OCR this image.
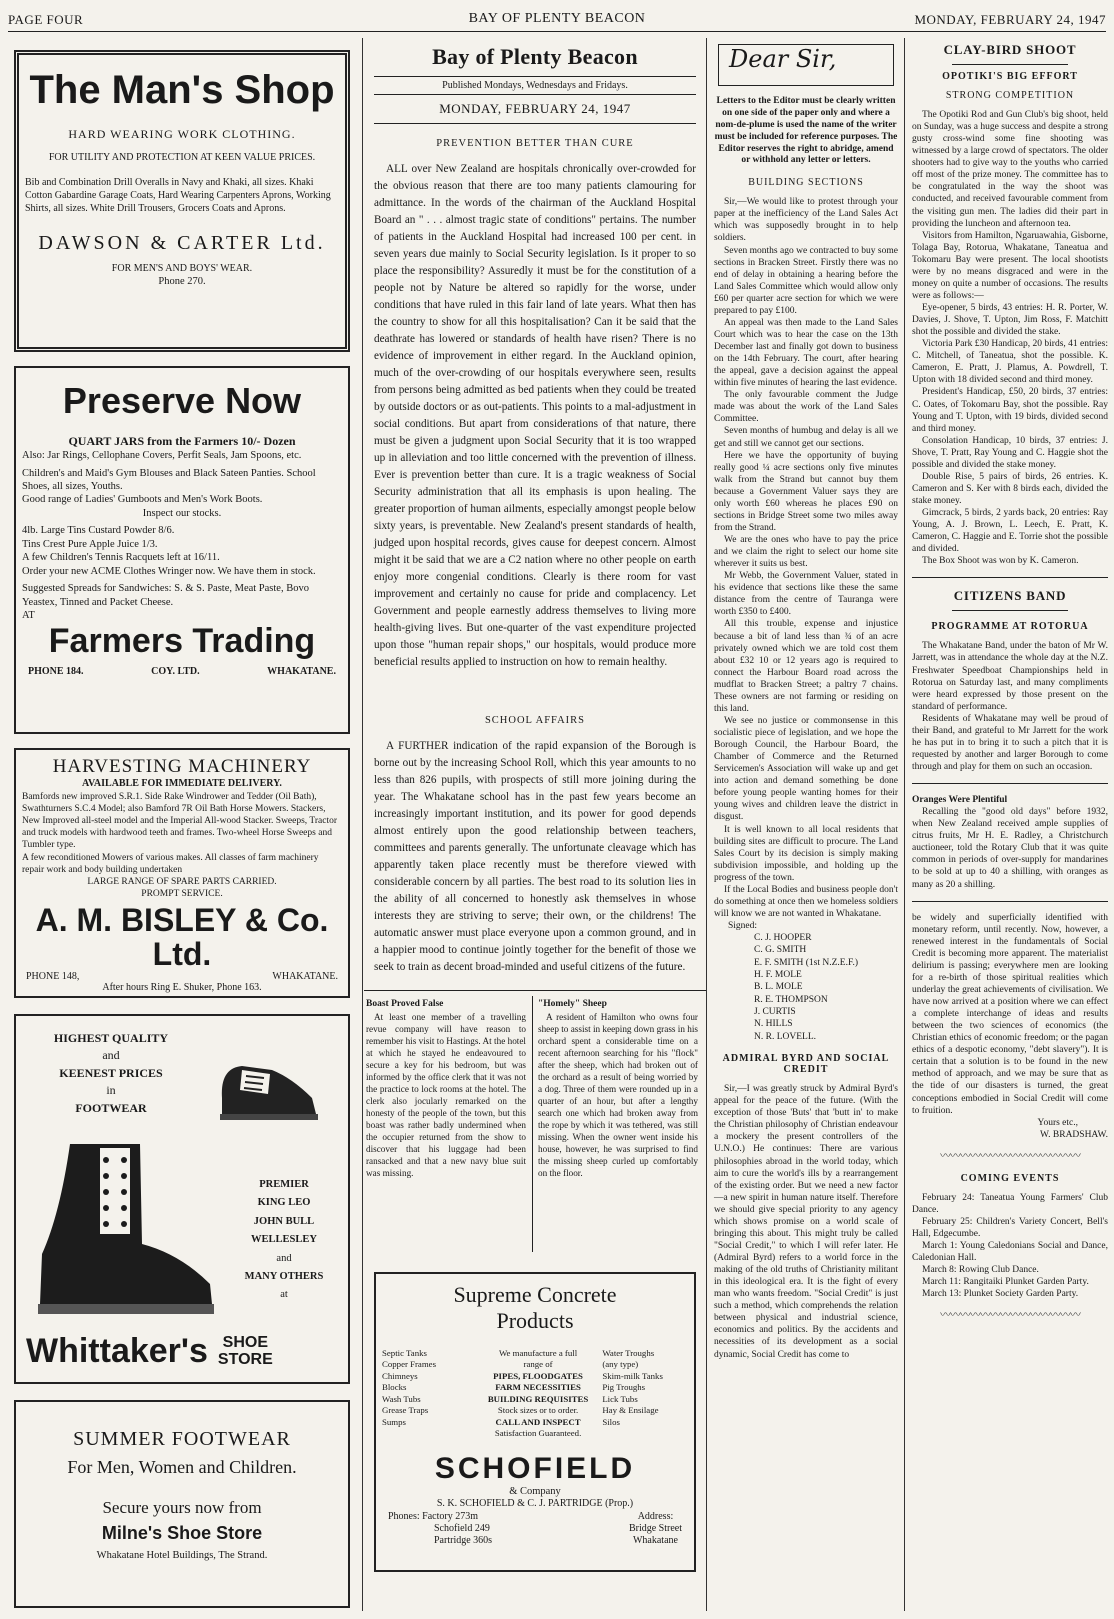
PAGE FOUR	BAY OF PLENTY BEACON	MONDAY, FEBRUARY 24, 1947
The Man's Shop

HARD WEARING WORK CLOTHING.

FOR UTILITY AND PROTECTION AT KEEN VALUE PRICES.

Bib and Combination Drill Overalls in Navy and Khaki, all sizes. Khaki Cotton Gabardine Garage Coats, Hard Wearing Carpenters Aprons, Working Shirts, all sizes. White Drill Trousers, Grocers Coats and Aprons.

DAWSON & CARTER Ltd.

FOR MEN'S AND BOYS' WEAR.

Phone 270.

Preserve Now

QUART JARS from the Farmers 10/- Dozen

Also: Jar Rings, Cellophane Covers, Perfit Seals, Jam Spoons, etc.

Children's and Maid's Gym Blouses and Black Sateen Panties. School Shoes, all sizes, Youths.

Good range of Ladies' Gumboots and Men's Work Boots.

Inspect our stocks.

4lb. Large Tins Custard Powder 8/6.

Tins Crest Pure Apple Juice 1/3.

A few Children's Tennis Racquets left at 16/11.

Order your new ACME Clothes Wringer now. We have them in stock.

Suggested Spreads for Sandwiches: S. & S. Paste, Meat Paste, Bovo Yeastex, Tinned and Packet Cheese.

AT

Farmers Trading
PHONE 184.	COY. LTD.	WHAKATANE.
HARVESTING MACHINERY

AVAILABLE FOR IMMEDIATE DELIVERY.

Bamfords new improved S.R.1. Side Rake Windrower and Tedder (Oil Bath), Swathturners S.C.4 Model; also Bamford 7R Oil Bath Horse Mowers. Stackers, New Improved all-steel model and the Imperial All-wood Stacker. Sweeps, Tractor and truck models with hardwood teeth and frames. Two-wheel Horse Sweeps and Tumbler type.

A few reconditioned Mowers of various makes. All classes of farm machinery repair work and body building undertaken

LARGE RANGE OF SPARE PARTS CARRIED.

PROMPT SERVICE.

A. M. BISLEY & Co. Ltd.
PHONE 148,	WHAKATANE.

After hours Ring E. Shuker, Phone 163.

HIGHEST QUALITY
and
KEENEST PRICES
in
FOOTWEAR
PREMIER
KING LEO
JOHN BULL
WELLESLEY
and
MANY OTHERS
at
Whittaker's SHOE
STORE
SUMMER FOOTWEAR
For Men, Women and Children.
Secure yours now from
Milne's Shoe Store

Whakatane Hotel Buildings, The Strand.

Bay of Plenty Beacon
Published Mondays, Wednesdays and Fridays.
MONDAY, FEBRUARY 24, 1947
PREVENTION BETTER THAN CURE

ALL over New Zealand are hospitals chronically over-crowded for the obvious reason that there are too many patients clamouring for admittance. In the words of the chairman of the Auckland Hospital Board an " . . . almost tragic state of conditions" pertains. The number of patients in the Auckland Hospital had increased 100 per cent. in seven years due mainly to Social Security legislation. Is it proper to so place the responsibility? Assuredly it must be for the constitution of a people not by Nature be altered so rapidly for the worse, under conditions that have ruled in this fair land of late years. What then has the country to show for all this hospitalisation? Can it be said that the deathrate has lowered or standards of health have risen? There is no evidence of improvement in either regard. In the Auckland opinion, much of the over-crowding of our hospitals everywhere seen, results from persons being admitted as bed patients when they could be treated by outside doctors or as out-patients. This points to a mal-adjustment in social conditions. But apart from considerations of that nature, there must be given a judgment upon Social Security that it is too wrapped up in alleviation and too little concerned with the prevention of illness. Ever is prevention better than cure. It is a tragic weakness of Social Security administration that all its emphasis is upon healing. The greater proportion of human ailments, especially amongst people below sixty years, is preventable. New Zealand's present standards of health, judged upon hospital records, gives cause for deepest concern. Almost might it be said that we are a C2 nation where no other people on earth enjoy more congenial conditions. Clearly is there room for vast improvement and certainly no cause for pride and complacency. Let Government and people earnestly address themselves to living more health-giving lives. But one-quarter of the vast expenditure projected upon those "human repair shops," our hospitals, would produce more beneficial results applied to instruction on how to remain healthy.

SCHOOL AFFAIRS

A FURTHER indication of the rapid expansion of the Borough is borne out by the increasing School Roll, which this year amounts to no less than 826 pupils, with prospects of still more joining during the year. The Whakatane school has in the past few years become an increasingly important institution, and its power for good depends almost entirely upon the good relationship between teachers, committees and parents generally. The unfortunate cleavage which has apparently taken place recently must be therefore viewed with considerable concern by all parties. The best road to its solution lies in the ability of all concerned to honestly ask themselves in whose interests they are striving to serve; their own, or the childrens! The automatic answer must place everyone upon a common ground, and in a happier mood to continue jointly together for the benefit of those we seek to train as decent broad-minded and useful citizens of the future.

Boast Proved False

At least one member of a travelling revue company will have reason to remember his visit to Hastings. At the hotel at which he stayed he endeavoured to secure a key for his bedroom, but was informed by the office clerk that it was not the practice to lock rooms at the hotel. The clerk also jocularly remarked on the honesty of the people of the town, but this boast was rather badly undermined when the occupier returned from the show to discover that his luggage had been ransacked and that a new navy blue suit was missing.

"Homely" Sheep

A resident of Hamilton who owns four sheep to assist in keeping down grass in his orchard spent a considerable time on a recent afternoon searching for his "flock" after the sheep, which had broken out of the orchard as a result of being worried by a dog. Three of them were rounded up in a quarter of an hour, but after a lengthy search one which had broken away from the rope by which it was tethered, was still missing. When the owner went inside his house, however, he was surprised to find the missing sheep curled up comfortably on the floor.

Supreme Concrete
Products
Septic Tanks
Copper Frames
Chimneys
Blocks
Wash Tubs
Grease Traps
Sumps
We manufacture a full
range of
PIPES, FLOODGATES
FARM NECESSITIES
BUILDING REQUISITES
Stock sizes or to order.
CALL AND INSPECT
Satisfaction Guaranteed.
Water Troughs
(any type)
Skim-milk Tanks
Pig Troughs
Lick Tubs
Hay & Ensilage
Silos
SCHOFIELD

& Company

S. K. SCHOFIELD & C. J. PARTRIDGE (Prop.)

Phones: Factory 273m
Schofield 249
Partridge 360s
Address:
Bridge Street
Whakatane
Dear Sir,

Letters to the Editor must be clearly written on one side of the paper only and where a nom-de-plume is used the name of the writer must be included for reference purposes. The Editor reserves the right to abridge, amend or withhold any letter or letters.

BUILDING SECTIONS

Sir,—We would like to protest through your paper at the inefficiency of the Land Sales Act which was supposedly brought in to help soldiers.

Seven months ago we contracted to buy some sections in Bracken Street. Firstly there was no end of delay in obtaining a hearing before the Land Sales Committee which would allow only £60 per quarter acre section for which we were prepared to pay £100.

An appeal was then made to the Land Sales Court which was to hear the case on the 13th December last and finally got down to business on the 14th February. The court, after hearing the appeal, gave a decision against the appeal within five minutes of hearing the last evidence.

The only favourable comment the Judge made was about the work of the Land Sales Committee.

Seven months of humbug and delay is all we get and still we cannot get our sections.

Here we have the opportunity of buying really good ¼ acre sections only five minutes walk from the Strand but cannot buy them because a Government Valuer says they are only worth £60 whereas he places £90 on sections in Bridge Street some two miles away from the Strand.

We are the ones who have to pay the price and we claim the right to select our home site wherever it suits us best.

Mr Webb, the Government Valuer, stated in his evidence that sections like these the same distance from the centre of Tauranga were worth £350 to £400.

All this trouble, expense and injustice because a bit of land less than ¾ of an acre privately owned which we are told cost them about £32 10 or 12 years ago is required to connect the Harbour Board road across the mudflat to Bracken Street; a paltry 7 chains. These owners are not farming or residing on this land.

We see no justice or commonsense in this socialistic piece of legislation, and we hope the Borough Council, the Harbour Board, the Chamber of Commerce and the Returned Servicemen's Association will wake up and get into action and demand something be done before young people wanting homes for their young wives and children leave the district in disgust.

It is well known to all local residents that building sites are difficult to procure. The Land Sales Court by its decision is simply making subdivision impossible, and holding up the progress of the town.

If the Local Bodies and business people don't do something at once then we homeless soldiers will know we are not wanted in Whakatane.

Signed:

C. J. HOOPER
C. G. SMITH
E. F. SMITH (1st N.Z.E.F.)
H. F. MOLE
B. L. MOLE
R. E. THOMPSON
J. CURTIS
N. HILLS
N. R. LOVELL.
ADMIRAL BYRD AND SOCIAL CREDIT

Sir,—I was greatly struck by Admiral Byrd's appeal for the peace of the future. (With the exception of those 'Buts' that 'butt in' to make the Christian philosophy of Christian endeavour a mockery the present controllers of the U.N.O.) He continues: There are various philosophies abroad in the world today, which aim to cure the world's ills by a rearrangement of the existing order. But we need a new factor—a new spirit in human nature itself. Therefore we should give special priority to any agency which shows promise on a world scale of bringing this about. This might truly be called "Social Credit," to which I will refer later. He (Admiral Byrd) refers to a world force in the making of the old truths of Christianity militant in this ideological era. It is the fight of every man who wants freedom. "Social Credit" is just such a method, which comprehends the relation between physical and industrial science, economics and politics. By the accidents and necessities of its development as a social dynamic, Social Credit has come to

CLAY-BIRD SHOOT
OPOTIKI'S BIG EFFORT
STRONG COMPETITION

The Opotiki Rod and Gun Club's big shoot, held on Sunday, was a huge success and despite a strong gusty cross-wind some fine shooting was witnessed by a large crowd of spectators. The older shooters had to give way to the youths who carried off most of the prize money. The committee has to be congratulated in the way the shoot was conducted, and received favourable comment from the visiting gun men. The ladies did their part in providing the luncheon and afternoon tea.

Visitors from Hamilton, Ngaruawahia, Gisborne, Tolaga Bay, Rotorua, Whakatane, Taneatua and Tokomaru Bay were present. The local shootists were by no means disgraced and were in the money on quite a number of occasions. The results were as follows:—

Eye-opener, 5 birds, 43 entries: H. R. Porter, W. Davies, J. Shove, T. Upton, Jim Ross, F. Matchitt shot the possible and divided the stake.

Victoria Park £30 Handicap, 20 birds, 41 entries: C. Mitchell, of Taneatua, shot the possible. K. Cameron, E. Pratt, J. Plamus, A. Powdrell, T. Upton with 18 divided second and third money.

President's Handicap, £50, 20 birds, 37 entries: C. Oates, of Tokomaru Bay, shot the possible. Ray Young and T. Upton, with 19 birds, divided second and third money.

Consolation Handicap, 10 birds, 37 entries: J. Shove, T. Pratt, Ray Young and C. Haggie shot the possible and divided the stake money.

Double Rise, 5 pairs of birds, 26 entries. K. Cameron and S. Ker with 8 birds each, divided the stake money.

Gimcrack, 5 birds, 2 yards back, 20 entries: Ray Young, A. J. Brown, L. Leech, E. Pratt, K. Cameron, C. Haggie and E. Torrie shot the possible and divided.

The Box Shoot was won by K. Cameron.

CITIZENS BAND
PROGRAMME AT ROTORUA

The Whakatane Band, under the baton of Mr W. Jarrett, was in attendance the whole day at the N.Z. Freshwater Speedboat Championships held in Rotorua on Saturday last, and many compliments were heard expressed by those present on the standard of performance.

Residents of Whakatane may well be proud of their Band, and grateful to Mr Jarrett for the work he has put in to bring it to such a pitch that it is requested by another and larger Borough to come through and play for them on such an occasion.

Oranges Were Plentiful

Recalling the "good old days" before 1932, when New Zealand received ample supplies of citrus fruits, Mr H. E. Radley, a Christchurch auctioneer, told the Rotary Club that it was quite common in periods of over-supply for mandarines to be sold at up to 40 a shilling, with oranges as many as 20 a shilling.

be widely and superficially identified with monetary reform, until recently. Now, however, a renewed interest in the fundamentals of Social Credit is becoming more apparent. The materialist delirium is passing; everywhere men are looking for a re-birth of those spiritual realities which underlay the great achievements of civilisation. We have now arrived at a position where we can effect a complete interchange of ideas and results between the two sciences of economics (the Christian ethics of economic freedom; or the pagan ethics of a despotic economy, "debt slavery"). It is certain that a solution is to be found in the new method of approach, and we may be sure that as the tide of our disasters is turned, the great conceptions embodied in Social Credit will come to fruition.

Yours etc.,

W. BRADSHAW.

〰〰〰〰〰〰〰〰〰〰〰〰〰〰
COMING EVENTS

February 24: Taneatua Young Farmers' Club Dance.

February 25: Children's Variety Concert, Bell's Hall, Edgecumbe.

March 1: Young Caledonians Social and Dance, Caledonian Hall.

March 8: Rowing Club Dance.

March 11: Rangitaiki Plunket Garden Party.

March 13: Plunket Society Garden Party.

〰〰〰〰〰〰〰〰〰〰〰〰〰〰
